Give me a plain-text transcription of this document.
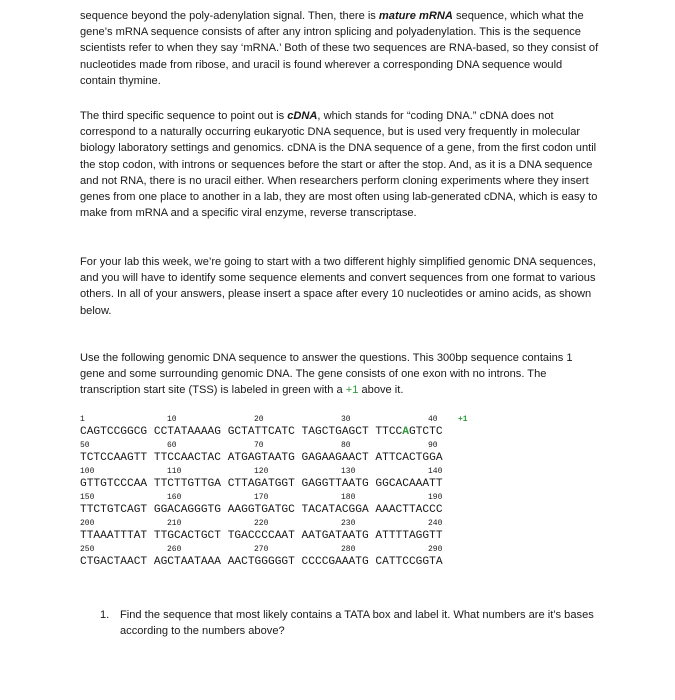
sequence beyond the poly-adenylation signal. Then, there is mature mRNA sequence, which what the gene’s mRNA sequence consists of after any intron splicing and polyadenylation. This is the sequence scientists refer to when they say ‘mRNA.’ Both of these two sequences are RNA-based, so they consist of nucleotides made from ribose, and uracil is found wherever a corresponding DNA sequence would contain thymine.

The third specific sequence to point out is cDNA, which stands for “coding DNA.” cDNA does not correspond to a naturally occurring eukaryotic DNA sequence, but is used very frequently in molecular biology laboratory settings and genomics. cDNA is the DNA sequence of a gene, from the first codon until the stop codon, with introns or sequences before the start or after the stop. And, as it is a DNA sequence and not RNA, there is no uracil either. When researchers perform cloning experiments where they insert genes from one place to another in a lab, they are most often using lab-generated cDNA, which is easy to make from mRNA and a specific viral enzyme, reverse transcriptase.

For your lab this week, we’re going to start with a two different highly simplified genomic DNA sequences, and you will have to identify some sequence elements and convert sequences from one format to various others. In all of your answers, please insert a space after every 10 nucleotides or amino acids, as shown below.

Use the following genomic DNA sequence to answer the questions. This 300bp sequence contains 1 gene and some surrounding genomic DNA. The gene consists of one exon with no introns. The transcription start site (TSS) is labeled in green with a +1 above it.

1	10	20	30	40	+1
CAGTCCGGCG CCTATAAAAG GCTATTCATC TAGCTGAGCT TTCCAGTCTC
50	60	70	80	90
TCTCCAAGTT TTCCAACTAC ATGAGTAATG GAGAAGAACT ATTCACTGGA
100	110	120	130	140
GTTGTCCCAA TTCTTGTTGA CTTAGATGGT GAGGTTAATG GGCACAAATT
150	160	170	180	190
TTCTGTCAGT GGACAGGGTG AAGGTGATGC TACATACGGA AAACTTACCC
200	210	220	230	240
TTAAATTTAT TTGCACTGCT TGACCCCAAT AATGATAATG ATTTTAGGTT
250	260	270	280	290
CTGACTAACT AGCTAATAAA AACTGGGGGT CCCCGAAATG CATTCCGGTA
1. Find the sequence that most likely contains a TATA box and label it. What numbers are it’s bases according to the numbers above?
